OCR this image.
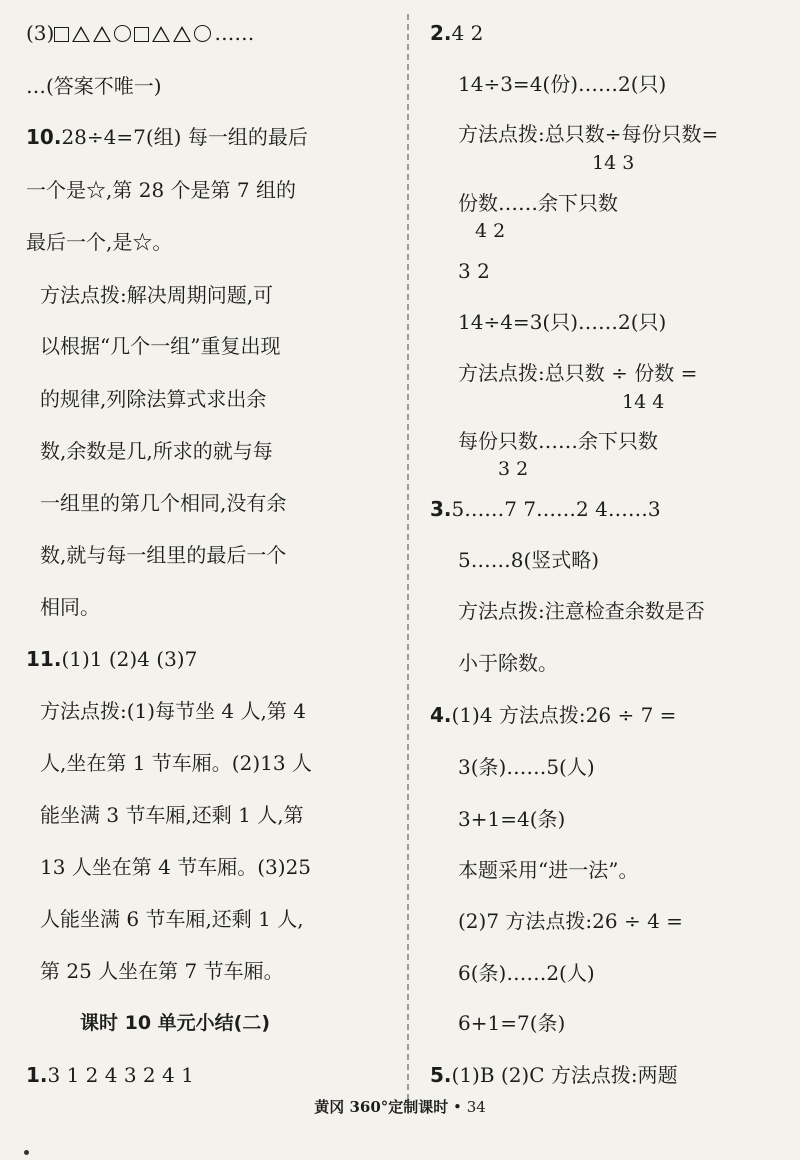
(3)	……
…(答案不唯一)
10.28÷4=7(组) 每一组的最后
一个是☆,第 28 个是第 7 组的
最后一个,是☆。
方法点拨:解决周期问题,可
以根据“几个一组”重复出现
的规律,列除法算式求出余
数,余数是几,所求的就与每
一组里的第几个相同,没有余
数,就与每一组里的最后一个
相同。
11.(1)1 (2)4 (3)7
方法点拨:(1)每节坐 4 人,第 4
人,坐在第 1 节车厢。(2)13 人
能坐满 3 节车厢,还剩 1 人,第
13 人坐在第 4 节车厢。(3)25
人能坐满 6 节车厢,还剩 1 人,
第 25 人坐在第 7 节车厢。
课时 10 单元小结(二)
1.3 1 2 4 3 2 4 1
2.4 2
14÷3=4(份)……2(只)
方法点拨:总只数÷每份只数=
14 3
份数……余下只数
4 2
3 2
14÷4=3(只)……2(只)
方法点拨:总只数 ÷ 份数 =
14 4
每份只数……余下只数
3 2
3.5……7 7……2 4……3
5……8(竖式略)
方法点拨:注意检查余数是否
小于除数。
4.(1)4 方法点拨:26 ÷ 7 =
3(条)……5(人)
3+1=4(条)
本题采用“进一法”。
(2)7 方法点拨:26 ÷ 4 =
6(条)……2(人)
6+1=7(条)
5.(1)B (2)C 方法点拨:两题
黄冈 360°定制课时 • 34
